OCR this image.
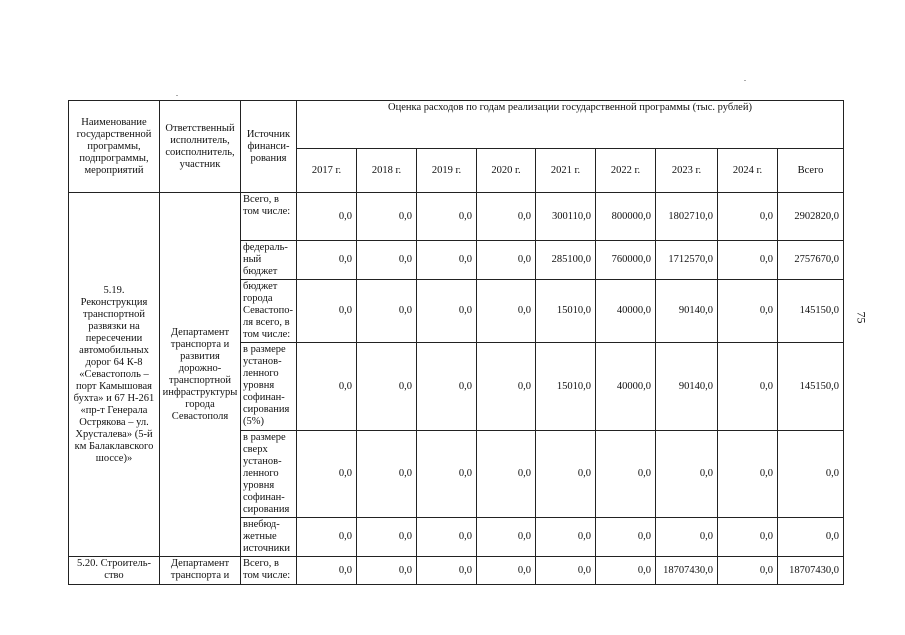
75
Наименование государственной программы, подпрограммы, мероприятий	Ответственный исполнитель, соисполнитель, участник	Источник финанси-рования	Оценка расходов по годам реализации государственной программы (тыс. рублей)								
			2017 г.	2018 г.	2019 г.	2020 г.	2021 г.	2022 г.	2023 г.	2024 г.	Всего
5.19. Реконструкция транспортной развязки на пересечении автомобильных дорог 64 К-8 «Севастополь – порт Камышовая бухта» и 67 Н-261 «пр-т Генерала Острякова – ул. Хрусталева» (5-й км Балаклавского шоссе)»	Департамент транспорта и развития дорожно-транспортной инфраструктуры города Севастополя	Всего, в том числе:	0,0	0,0	0,0	0,0	300110,0	800000,0	1802710,0	0,0	2902820,0
		федераль-ный бюджет	0,0	0,0	0,0	0,0	285100,0	760000,0	1712570,0	0,0	2757670,0
		бюджет города Севастопо-ля всего, в том числе:	0,0	0,0	0,0	0,0	15010,0	40000,0	90140,0	0,0	145150,0
		в размере установ-ленного уровня софинан-сирования (5%)	0,0	0,0	0,0	0,0	15010,0	40000,0	90140,0	0,0	145150,0
		в размере сверх установ-ленного уровня софинан-сирования	0,0	0,0	0,0	0,0	0,0	0,0	0,0	0,0	0,0
		внебюд-жетные источники	0,0	0,0	0,0	0,0	0,0	0,0	0,0	0,0	0,0
5.20. Строитель-ство	Департамент транспорта и	Всего, в том числе:	0,0	0,0	0,0	0,0	0,0	0,0	18707430,0	0,0	18707430,0
